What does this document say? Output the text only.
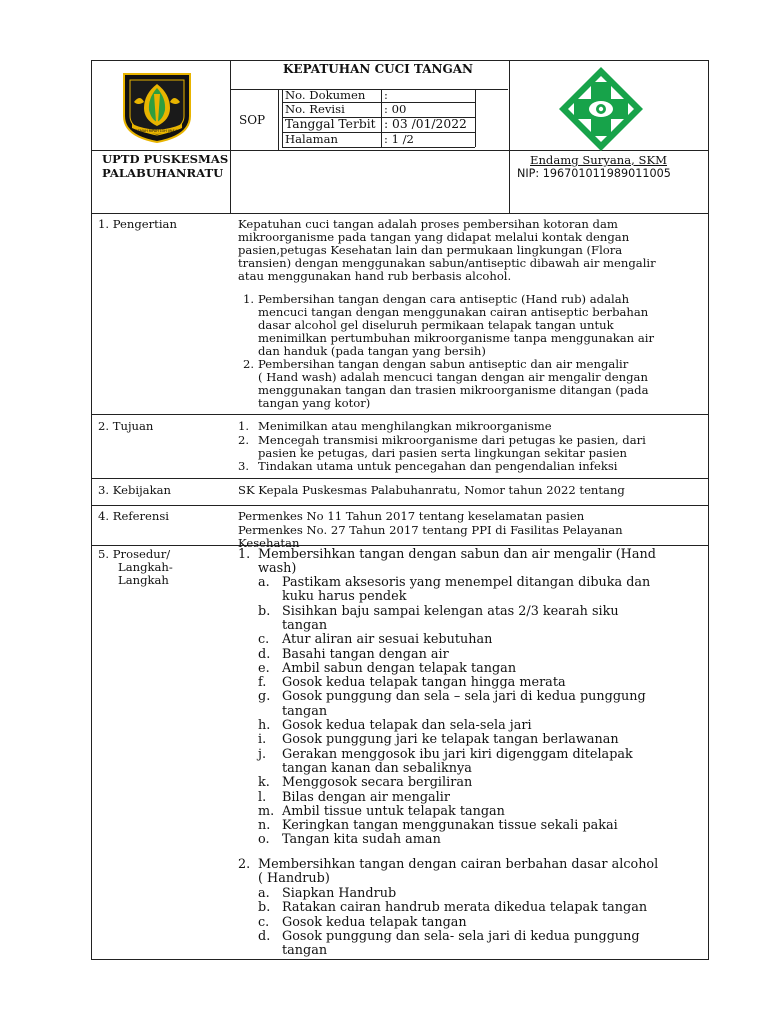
GEMAH RIPAH LOH JINAWI
KEPATUHAN CUCI TANGAN
SOP
No. Dokumen :
No. Revisi	: 00
Tanggal Terbit : 03 /01/2022
Halaman	: 1 /2
UPTD PUSKESMAS
PALABUHANRATU
Endamg Suryana, SKM
NIP: 196701011989011005
1. Pengertian	Kepatuhan cuci tangan adalah proses pembersihan kotoran dam
mikroorganisme pada tangan yang didapat melalui kontak dengan
pasien,petugas Kesehatan lain dan permukaan lingkungan (Flora
transien) dengan menggunakan sabun/antiseptic dibawah air mengalir
atau menggunakan hand rub berbasis alcohol.
1. Pembersihan tangan dengan cara antiseptic (Hand rub) adalah
mencuci tangan dengan menggunakan cairan antiseptic berbahan
dasar alcohol gel diseluruh permikaan telapak tangan untuk
menimilkan pertumbuhan mikroorganisme tanpa menggunakan air
dan handuk (pada tangan yang bersih)
2. Pembersihan tangan dengan sabun antiseptic dan air mengalir
( Hand wash) adalah mencuci tangan dengan air mengalir dengan
menggunakan tangan dan trasien mikroorganisme ditangan (pada
tangan yang kotor)
2. Tujuan	1. Menimilkan atau menghilangkan mikroorganisme
2. Mencegah transmisi mikroorganisme dari petugas ke pasien, dari
pasien ke petugas, dari pasien serta lingkungan sekitar pasien
3. Tindakan utama untuk pencegahan dan pengendalian infeksi
3. Kebijakan	SK Kepala Puskesmas Palabuhanratu, Nomor tahun 2022 tentang
4. Referensi	Permenkes No 11 Tahun 2017 tentang keselamatan pasien
Permenkes No. 27 Tahun 2017 tentang PPI di Fasilitas Pelayanan
Kesehatan
5. Prosedur/
Langkah-
Langkah
1. Membersihkan tangan dengan sabun dan air mengalir (Hand
wash)
a. Pastikam aksesoris yang menempel ditangan dibuka dan
kuku harus pendek
b. Sisihkan baju sampai kelengan atas 2/3 kearah siku
tangan
c. Atur aliran air sesuai kebutuhan
d. Basahi tangan dengan air
e. Ambil sabun dengan telapak tangan
f. Gosok kedua telapak tangan hingga merata
g. Gosok punggung dan sela – sela jari di kedua punggung
tangan
h. Gosok kedua telapak dan sela-sela jari
i. Gosok punggung jari ke telapak tangan berlawanan
j. Gerakan menggosok ibu jari kiri digenggam ditelapak
tangan kanan dan sebaliknya
k. Menggosok secara bergiliran
l. Bilas dengan air mengalir
m. Ambil tissue untuk telapak tangan
n. Keringkan tangan menggunakan tissue sekali pakai
o. Tangan kita sudah aman
2. Membersihkan tangan dengan cairan berbahan dasar alcohol
( Handrub)
a. Siapkan Handrub
b. Ratakan cairan handrub merata dikedua telapak tangan
c. Gosok kedua telapak tangan
d. Gosok punggung dan sela- sela jari di kedua punggung
tangan
